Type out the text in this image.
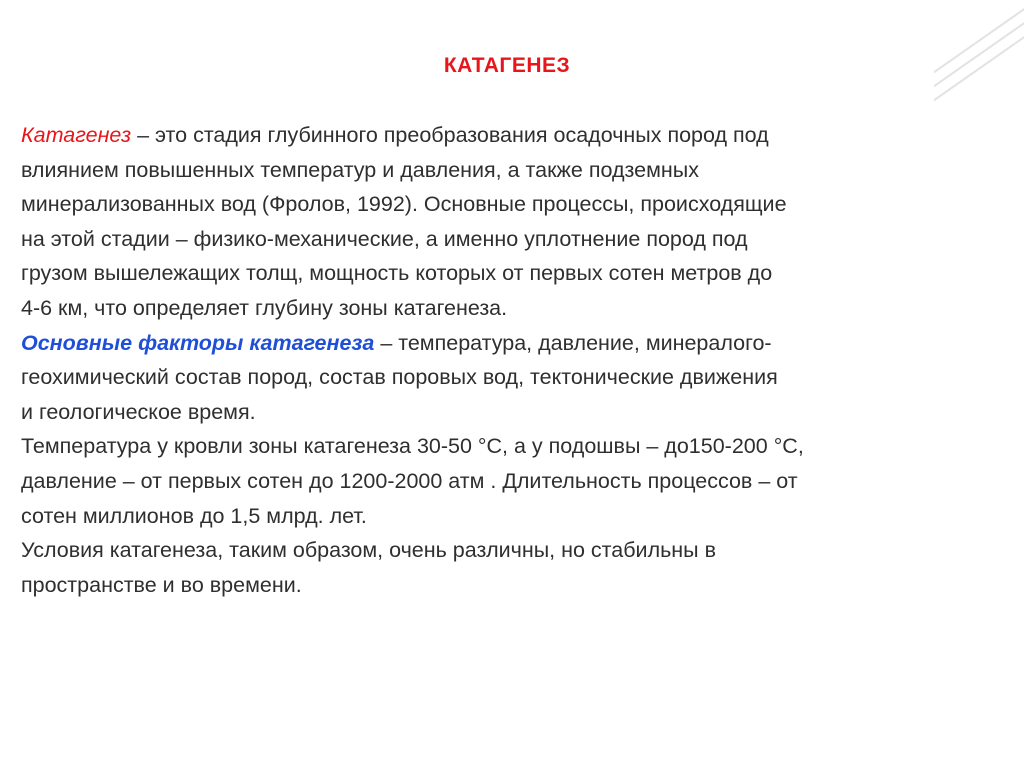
КАТАГЕНЕЗ
Катагенез – это стадия глубинного преобразования осадочных пород под
влиянием повышенных температур и давления, а также подземных
минерализованных вод (Фролов, 1992). Основные процессы, происходящие
на этой стадии – физико-механические, а именно уплотнение пород под
грузом вышележащих толщ, мощность которых от первых сотен метров до
4-6 км, что определяет глубину зоны катагенеза.
Основные факторы катагенеза – температура, давление, минералого-
геохимический состав пород, состав поровых вод, тектонические движения
и геологическое время.
Температура у кровли зоны катагенеза 30-50 °С, а у подошвы – до150-200 °С,
давление – от первых сотен до 1200-2000 атм . Длительность процессов – от
сотен миллионов до 1,5 млрд. лет.
Условия катагенеза, таким образом, очень различны, но стабильны в
пространстве и во времени.
